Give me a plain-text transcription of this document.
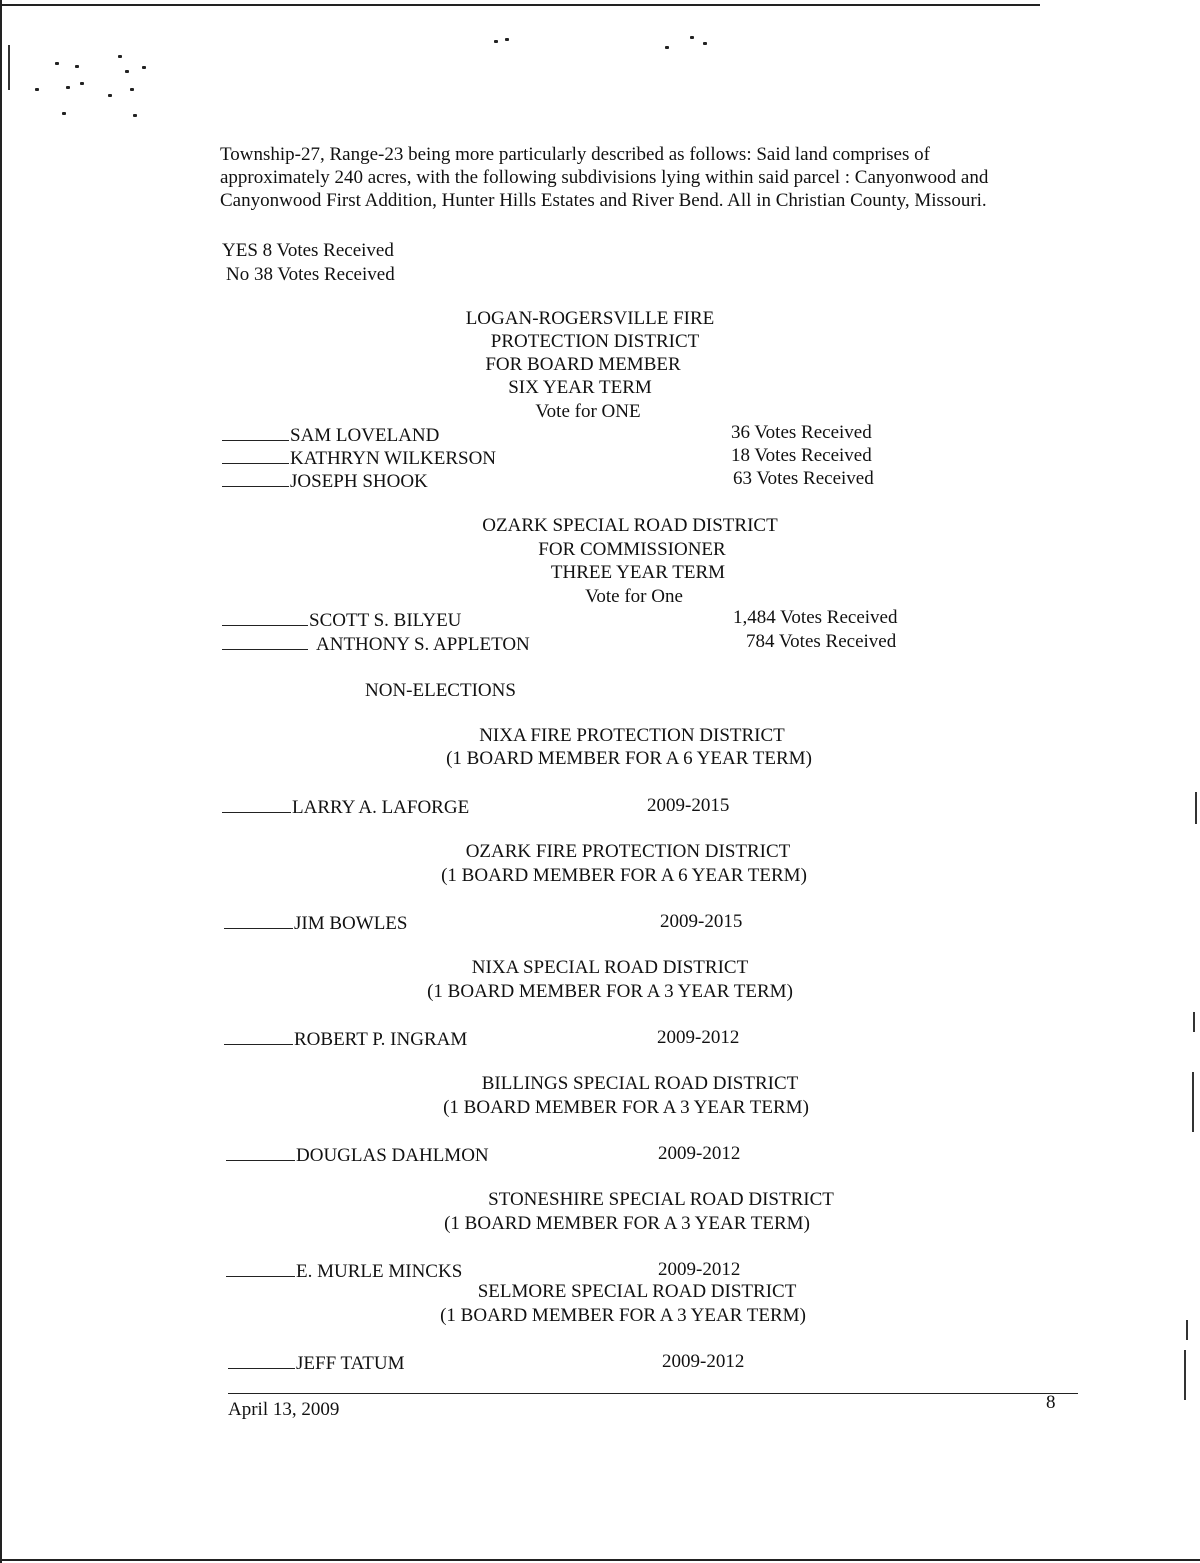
Township-27, Range-23 being more particularly described as follows: Said land comprises of
approximately 240 acres, with the following subdivisions lying within said parcel : Canyonwood and
Canyonwood First Addition, Hunter Hills Estates and River Bend. All in Christian County, Missouri.
YES 8 Votes Received
No 38 Votes Received
LOGAN-ROGERSVILLE FIRE
PROTECTION DISTRICT
FOR BOARD MEMBER
SIX YEAR TERM
Vote for ONE
SAM LOVELAND	36 Votes Received
KATHRYN WILKERSON	18 Votes Received
JOSEPH SHOOK	63 Votes Received
OZARK SPECIAL ROAD DISTRICT
FOR COMMISSIONER
THREE YEAR TERM
Vote for One
SCOTT S. BILYEU	1,484 Votes Received
ANTHONY S. APPLETON	784 Votes Received
NON-ELECTIONS
NIXA FIRE PROTECTION DISTRICT
(1 BOARD MEMBER FOR A 6 YEAR TERM)
LARRY A. LAFORGE	2009-2015
OZARK FIRE PROTECTION DISTRICT
(1 BOARD MEMBER FOR A 6 YEAR TERM)
JIM BOWLES	2009-2015
NIXA SPECIAL ROAD DISTRICT
(1 BOARD MEMBER FOR A 3 YEAR TERM)
ROBERT P. INGRAM	2009-2012
BILLINGS SPECIAL ROAD DISTRICT
(1 BOARD MEMBER FOR A 3 YEAR TERM)
DOUGLAS DAHLMON	2009-2012
STONESHIRE SPECIAL ROAD DISTRICT
(1 BOARD MEMBER FOR A 3 YEAR TERM)
E. MURLE MINCKS	2009-2012
SELMORE SPECIAL ROAD DISTRICT
(1 BOARD MEMBER FOR A 3 YEAR TERM)
JEFF TATUM	2009-2012
April 13, 2009	8
